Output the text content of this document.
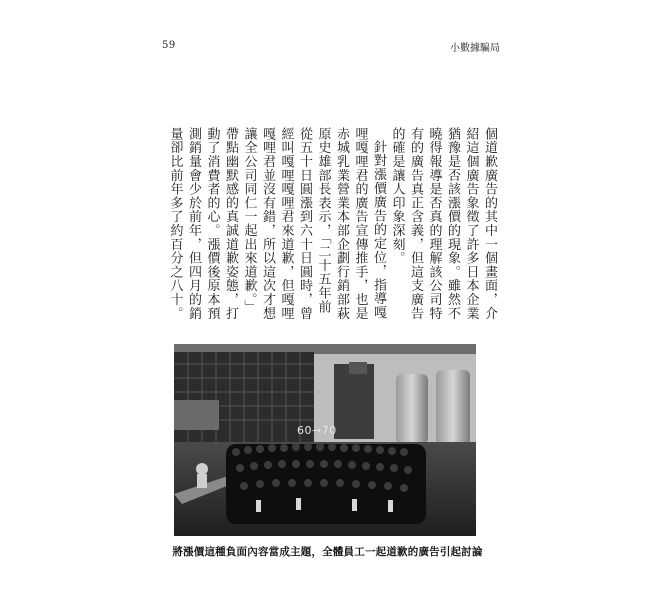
59	小數據騙局

個道歉廣告的其中一個畫面，介紹這個廣告象徵了許多日本企業猶豫是否該漲價的現象。雖然不曉得報導是否真的理解該公司特有的廣告真正含義，但這支廣告的確是讓人印象深刻。

針對漲價廣告的定位，指導嘎哩嘎哩君的廣告宣傳推手，也是赤城乳業營業本部企劃行銷部萩原史雄部長表示，「二十五年前從五十日圓漲到六十日圓時，曾經叫嘎哩嘎哩君來道歉，但嘎哩嘎哩君並沒有錯，所以這次才想讓全公司同仁一起出來道歉。」帶點幽默感的真誠道歉姿態，打動了消費者的心。漲價後原本預測銷量會少於前年，但四月的銷量卻比前年多了約百分之八十。

60→70
將漲價這種負面內容當成主題，全體員工一起道歉的廣告引起討論
